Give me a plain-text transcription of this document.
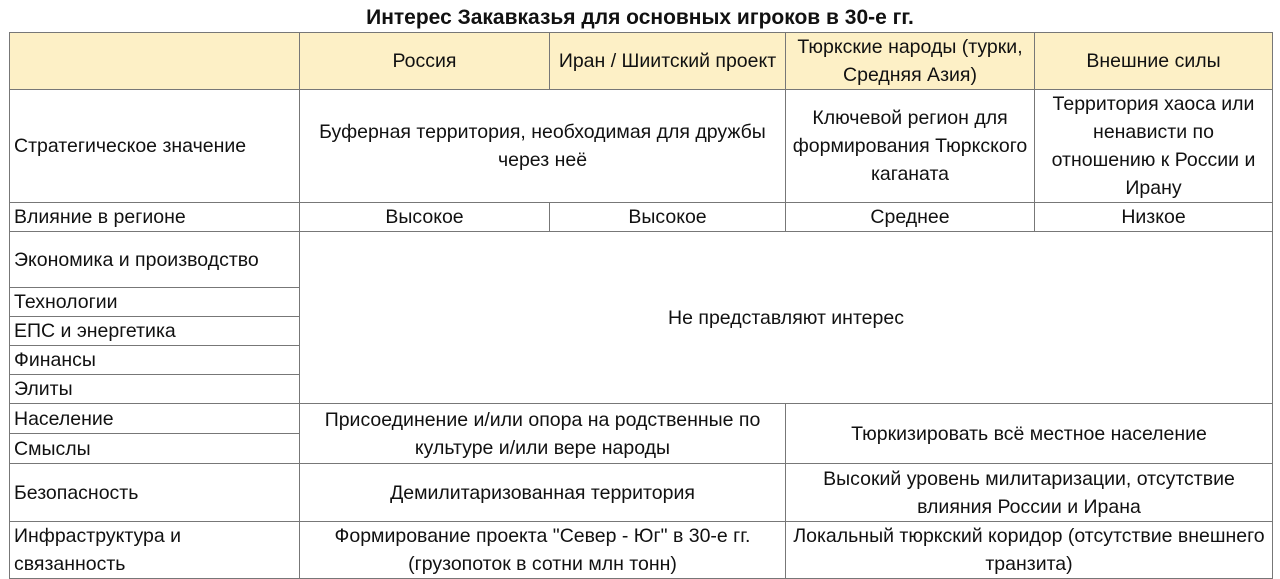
Интерес Закавказья для основных игроков в 30-е гг.
	Россия	Иран / Шиитский проект	Тюркские народы (турки, Средняя Азия)	Внешние силы
Стратегическое значение	Буферная территория, необходимая для дружбы через неё		Ключевой регион для формирования Тюркского каганата	Территория хаоса или ненависти по отношению к России и Ирану
Влияние в регионе	Высокое	Высокое	Среднее	Низкое
Экономика и производство	Не представляют интерес			
Технологии				
ЕПС и энергетика				
Финансы				
Элиты				
Население	Присоединение и/или опора на родственные по культуре и/или вере народы		Тюркизировать всё местное население	
Смыслы				
Безопасность	Демилитаризованная территория		Высокий уровень милитаризации, отсутствие влияния России и Ирана	
Инфраструктура и связанность	Формирование проекта "Север - Юг" в 30-е гг. (грузопоток в сотни млн тонн)		Локальный тюркский коридор (отсутствие внешнего транзита)	
